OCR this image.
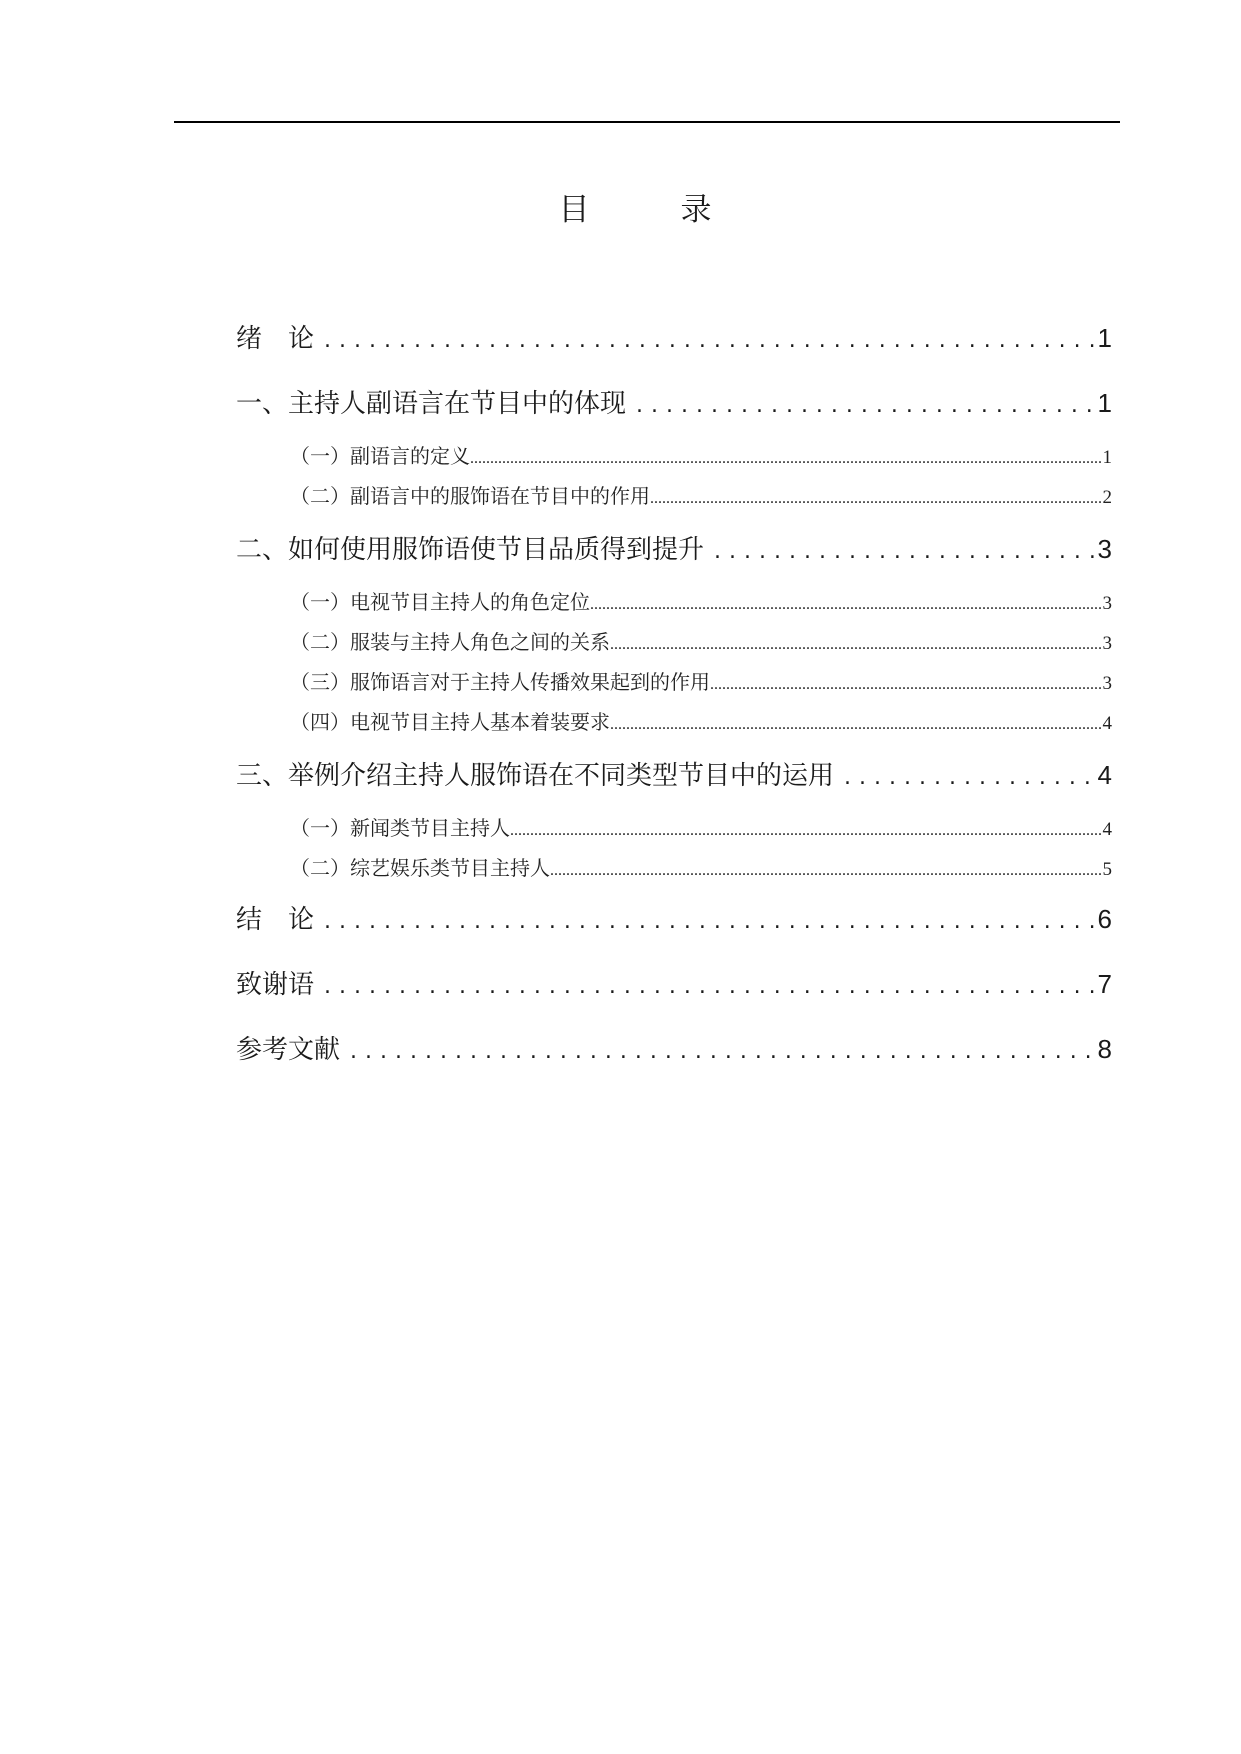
目　录
绪　论 .....	1
一、主持人副语言在节目中的体现 .....	1
（一）副语言的定义 .....	1
（二）副语言中的服饰语在节目中的作用 .....	2
二、如何使用服饰语使节目品质得到提升 .....	3
（一）电视节目主持人的角色定位 .....	3
（二）服装与主持人角色之间的关系 .....	3
（三）服饰语言对于主持人传播效果起到的作用 .....	3
（四）电视节目主持人基本着装要求 .....	4
三、举例介绍主持人服饰语在不同类型节目中的运用 .....	4
（一）新闻类节目主持人 .....	4
（二）综艺娱乐类节目主持人 .....	5
结　论 .....	6
致谢语 .....	7
参考文献 .....	8
